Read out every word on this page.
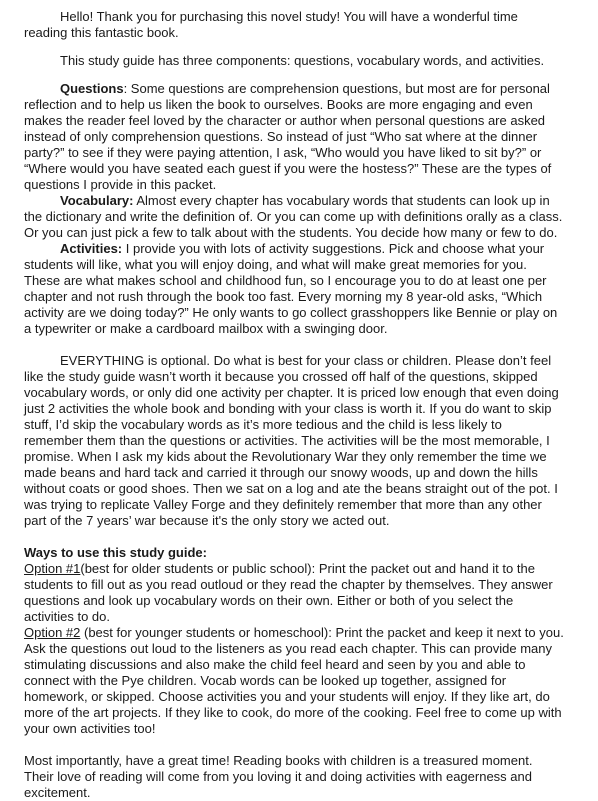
Hello! Thank you for purchasing this novel study! You will have a wonderful time reading this fantastic book.

This study guide has three components: questions, vocabulary words, and activities.

Questions: Some questions are comprehension questions, but most are for personal reflection and to help us liken the book to ourselves. Books are more engaging and even makes the reader feel loved by the character or author when personal questions are asked instead of only comprehension questions. So instead of just “Who sat where at the dinner party?” to see if they were paying attention, I ask, “Who would you have liked to sit by?” or “Where would you have seated each guest if you were the hostess?” These are the types of questions I provide in this packet.

Vocabulary: Almost every chapter has vocabulary words that students can look up in the dictionary and write the definition of. Or you can come up with definitions orally as a class. Or you can just pick a few to talk about with the students. You decide how many or few to do.

Activities: I provide you with lots of activity suggestions. Pick and choose what your students will like, what you will enjoy doing, and what will make great memories for you. These are what makes school and childhood fun, so I encourage you to do at least one per chapter and not rush through the book too fast. Every morning my 8 year-old asks, “Which activity are we doing today?” He only wants to go collect grasshoppers like Bennie or play on a typewriter or make a cardboard mailbox with a swinging door.

EVERYTHING is optional. Do what is best for your class or children. Please don’t feel like the study guide wasn’t worth it because you crossed off half of the questions, skipped vocabulary words, or only did one activity per chapter. It is priced low enough that even doing just 2 activities the whole book and bonding with your class is worth it. If you do want to skip stuff, I’d skip the vocabulary words as it’s more tedious and the child is less likely to remember them than the questions or activities. The activities will be the most memorable, I promise. When I ask my kids about the Revolutionary War they only remember the time we made beans and hard tack and carried it through our snowy woods, up and down the hills without coats or good shoes. Then we sat on a log and ate the beans straight out of the pot. I was trying to replicate Valley Forge and they definitely remember that more than any other part of the 7 years’ war because it's the only story we acted out.

Ways to use this study guide:

Option #1(best for older students or public school): Print the packet out and hand it to the students to fill out as you read outloud or they read the chapter by themselves. They answer questions and look up vocabulary words on their own. Either or both of you select the activities to do.

Option #2 (best for younger students or homeschool): Print the packet and keep it next to you. Ask the questions out loud to the listeners as you read each chapter. This can provide many stimulating discussions and also make the child feel heard and seen by you and able to connect with the Pye children. Vocab words can be looked up together, assigned for homework, or skipped. Choose activities you and your students will enjoy. If they like art, do more of the art projects. If they like to cook, do more of the cooking. Feel free to come up with your own activities too!

Most importantly, have a great time! Reading books with children is a treasured moment. Their love of reading will come from you loving it and doing activities with eagerness and excitement.
